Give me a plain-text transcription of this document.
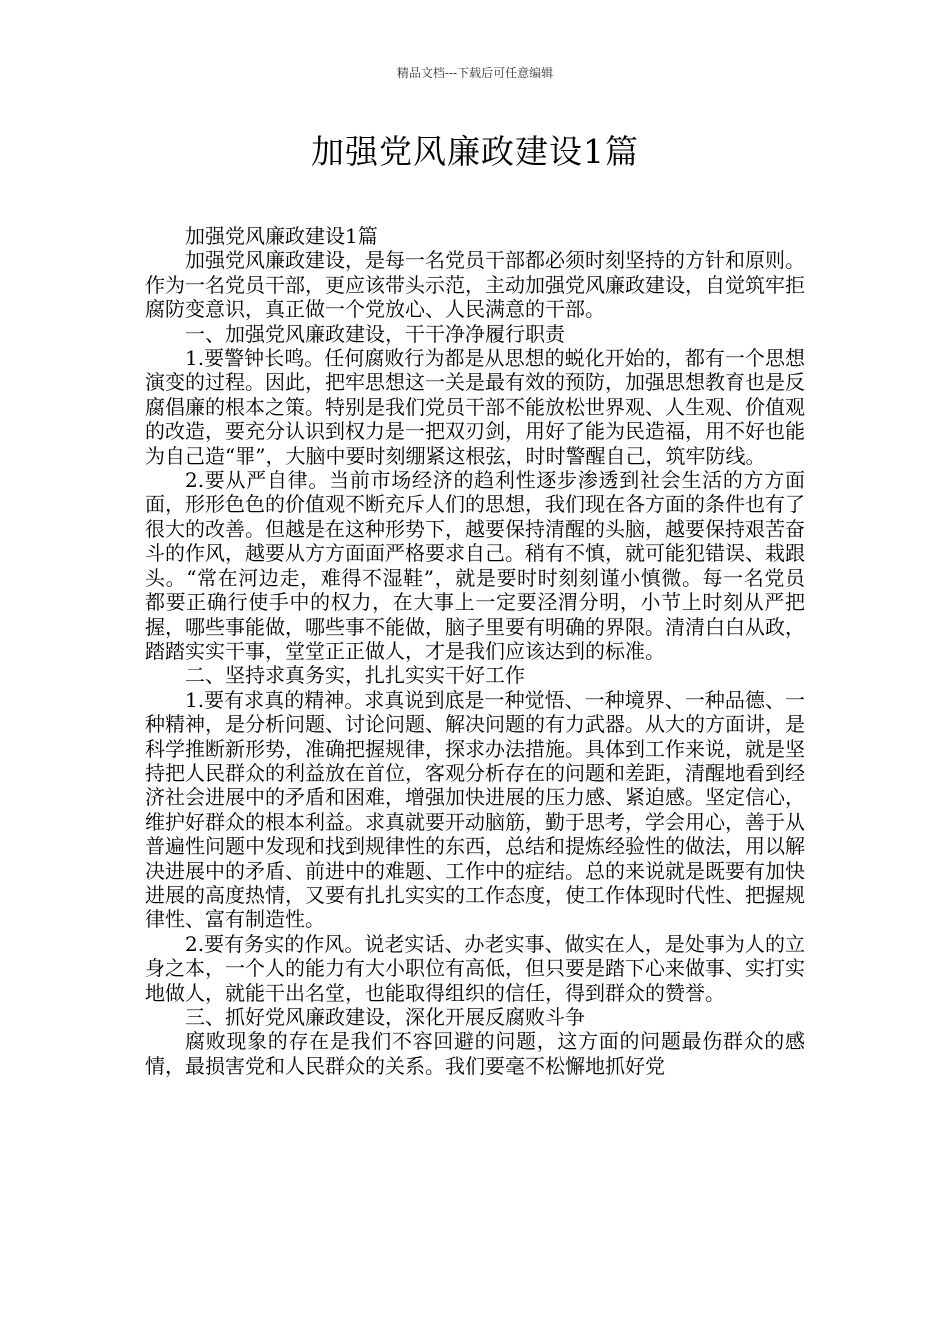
精品文档---下载后可任意编辑
加强党风廉政建设1篇

加强党风廉政建设1篇

加强党风廉政建设，是每一名党员干部都必须时刻坚持的方针和原则。作为一名党员干部，更应该带头示范，主动加强党风廉政建设，自觉筑牢拒腐防变意识，真正做一个党放心、人民满意的干部。

一、加强党风廉政建设，干干净净履行职责

1.要警钟长鸣。任何腐败行为都是从思想的蜕化开始的，都有一个思想演变的过程。因此，把牢思想这一关是最有效的预防，加强思想教育也是反腐倡廉的根本之策。特别是我们党员干部不能放松世界观、人生观、价值观的改造，要充分认识到权力是一把双刃剑，用好了能为民造福，用不好也能为自己造“罪”，大脑中要时刻绷紧这根弦，时时警醒自己，筑牢防线。

2.要从严自律。当前市场经济的趋利性逐步渗透到社会生活的方方面面，形形色色的价值观不断充斥人们的思想，我们现在各方面的条件也有了很大的改善。但越是在这种形势下，越要保持清醒的头脑，越要保持艰苦奋斗的作风，越要从方方面面严格要求自己。稍有不慎，就可能犯错误、栽跟头。“常在河边走，难得不湿鞋”，就是要时时刻刻谨小慎微。每一名党员都要正确行使手中的权力，在大事上一定要泾渭分明，小节上时刻从严把握，哪些事能做，哪些事不能做，脑子里要有明确的界限。清清白白从政，踏踏实实干事，堂堂正正做人，才是我们应该达到的标准。

二、坚持求真务实，扎扎实实干好工作

1.要有求真的精神。求真说到底是一种觉悟、一种境界、一种品德、一种精神，是分析问题、讨论问题、解决问题的有力武器。从大的方面讲，是科学推断新形势，准确把握规律，探求办法措施。具体到工作来说，就是坚持把人民群众的利益放在首位，客观分析存在的问题和差距，清醒地看到经济社会进展中的矛盾和困难，增强加快进展的压力感、紧迫感。坚定信心，维护好群众的根本利益。求真就要开动脑筋，勤于思考，学会用心，善于从普遍性问题中发现和找到规律性的东西，总结和提炼经验性的做法，用以解决进展中的矛盾、前进中的难题、工作中的症结。总的来说就是既要有加快进展的高度热情，又要有扎扎实实的工作态度，使工作体现时代性、把握规律性、富有制造性。

2.要有务实的作风。说老实话、办老实事、做实在人，是处事为人的立身之本，一个人的能力有大小职位有高低，但只要是踏下心来做事、实打实地做人，就能干出名堂，也能取得组织的信任，得到群众的赞誉。

三、抓好党风廉政建设，深化开展反腐败斗争

腐败现象的存在是我们不容回避的问题，这方面的问题最伤群众的感情，最损害党和人民群众的关系。我们要毫不松懈地抓好党
